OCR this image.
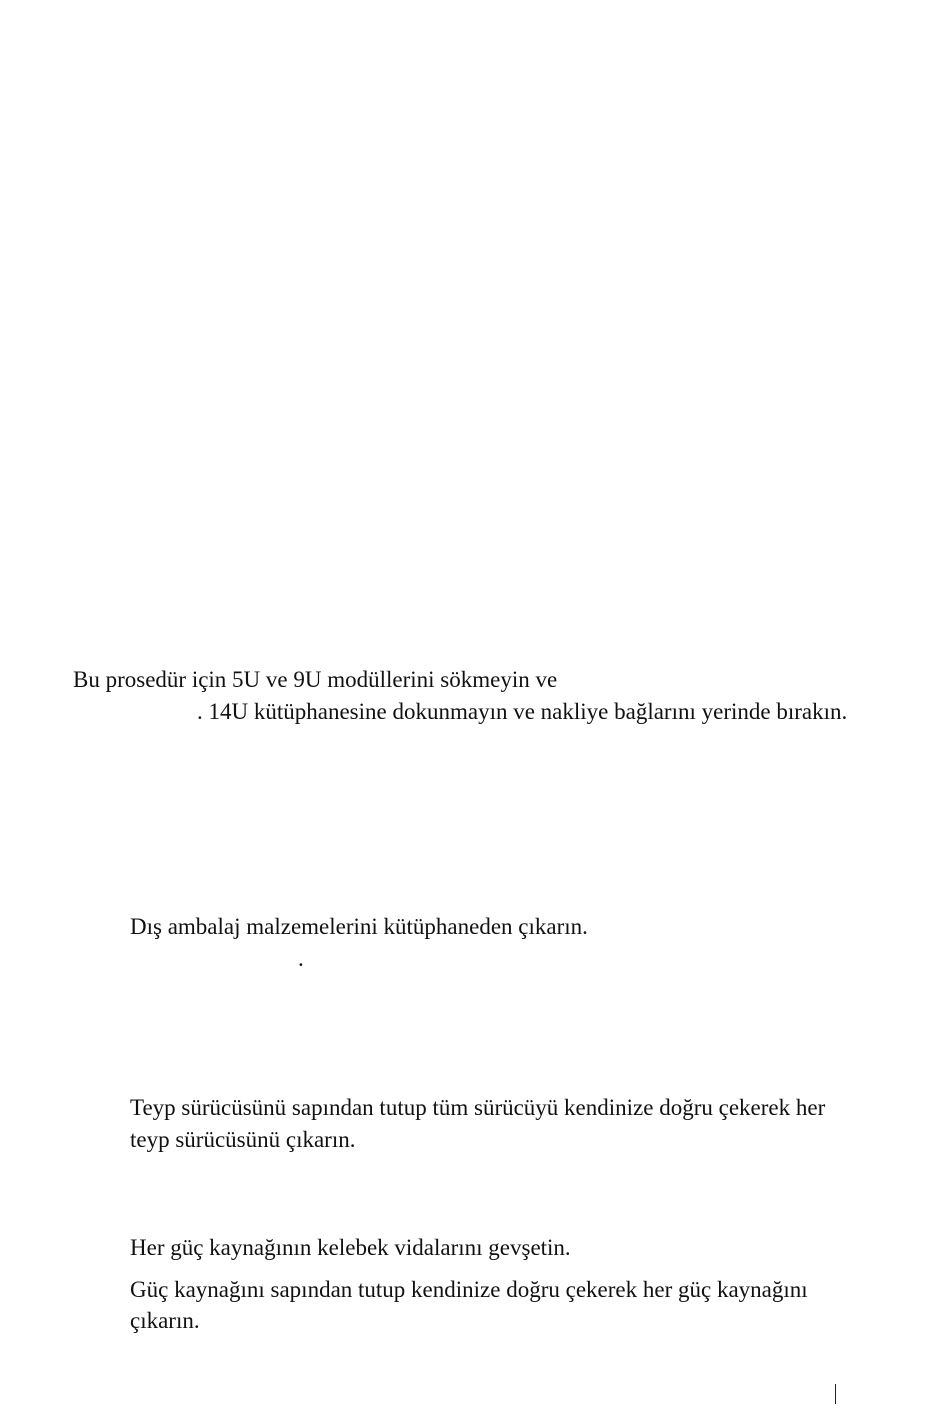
Bu prosedür için 5U ve 9U modüllerini sökmeyin ve

. 14U kütüphanesine dokunmayın ve nakliye bağlarını yerinde bırakın.

Dış ambalaj malzemelerini kütüphaneden çıkarın.

.

Teyp sürücüsünü sapından tutup tüm sürücüyü kendinize doğru çekerek her

teyp sürücüsünü çıkarın.

Her güç kaynağının kelebek vidalarını gevşetin.

Güç kaynağını sapından tutup kendinize doğru çekerek her güç kaynağını

çıkarın.
